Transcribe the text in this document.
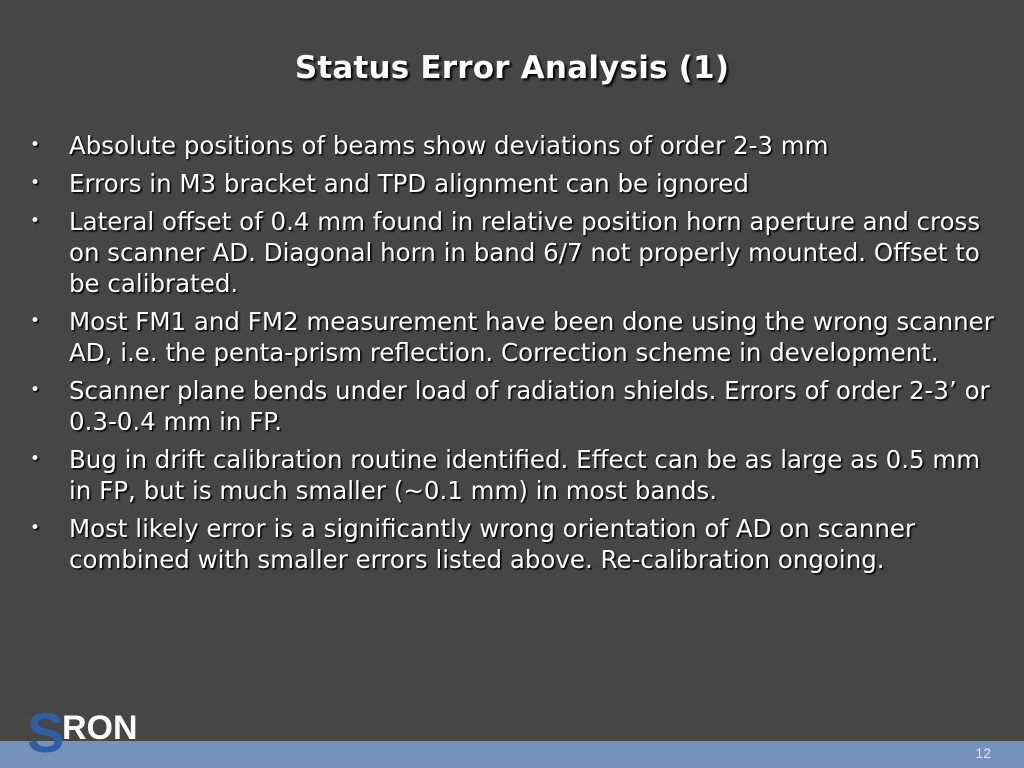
Status Error Analysis (1)
• Absolute positions of beams show deviations of order 2-3 mm
• Errors in M3 bracket and TPD alignment can be ignored
• Lateral offset of 0.4 mm found in relative position horn aperture and cross on scanner AD. Diagonal horn in band 6/7 not properly mounted. Offset to be calibrated.
• Most FM1 and FM2 measurement have been done using the wrong scanner AD, i.e. the penta-prism reflection. Correction scheme in development.
• Scanner plane bends under load of radiation shields. Errors of order 2-3’ or 0.3-0.4 mm in FP.
• Bug in drift calibration routine identified. Effect can be as large as 0.5 mm in FP, but is much smaller (~0.1 mm) in most bands.
• Most likely error is a significantly wrong orientation of AD on scanner combined with smaller errors listed above. Re-calibration ongoing.
S
RON
12
